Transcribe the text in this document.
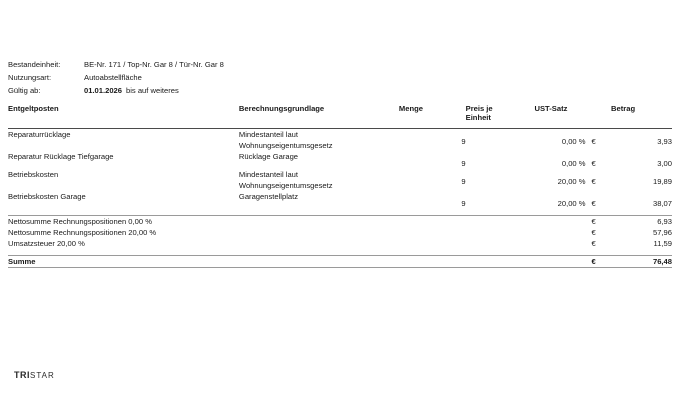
Bestandeinheit:	BE-Nr. 171 / Top-Nr. Gar 8 / Tür-Nr. Gar 8
Nutzungsart:	Autoabstellfläche
Gültig ab:	01.01.2026 bis auf weiteres
Entgeltposten	Berechnungsgrundlage	Menge	Preis je
Einheit	UST-Satz		Betrag

Reparaturrücklage	Mindestanteil laut
Wohnungseigentumsgesetz	9		0,00 %	€	3,93
Reparatur Rücklage Tiefgarage	Rücklage Garage	9		0,00 %	€	3,00
Betriebskosten	Mindestanteil laut
Wohnungseigentumsgesetz	9		20,00 %	€	19,89
Betriebskosten Garage	Garagenstellplatz	9		20,00 %	€	38,07

Nettosumme Rechnungspositionen 0,00 %					€	6,93
Nettosumme Rechnungspositionen 20,00 %					€	57,96
Umsatzsteuer 20,00 %					€	11,59

Summe					€	76,48

TRISTAR
